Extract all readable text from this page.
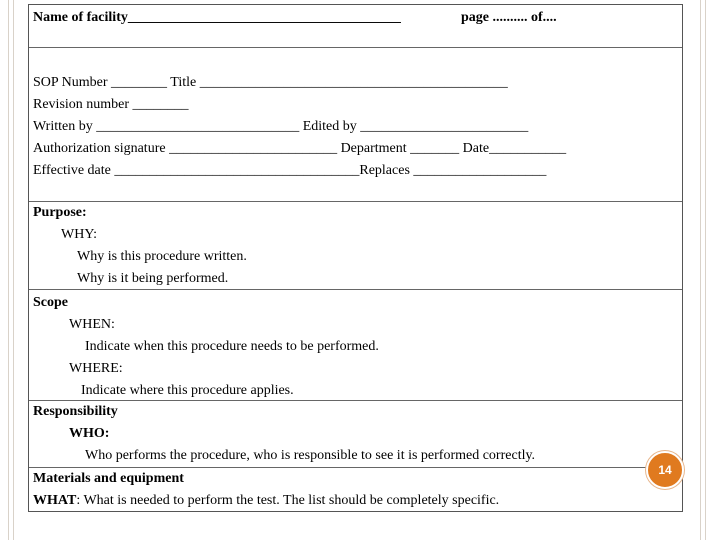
Name of facility_______________________________________	page .......... of....
SOP Number ________ Title ____________________________________________
Revision number ________
Written by _____________________________ Edited by ________________________
Authorization signature ________________________ Department _______ Date___________
Effective date ___________________________________Replaces ___________________
Purpose:
WHY:
Why is this procedure written.
Why is it being performed.
Scope
WHEN:
Indicate when this procedure needs to be performed.
WHERE:
Indicate where this procedure applies.
Responsibility
WHO:
Who performs the procedure, who is responsible to see it is performed correctly.
Materials and equipment
WHAT: What is needed to perform the test. The list should be completely specific.
14
